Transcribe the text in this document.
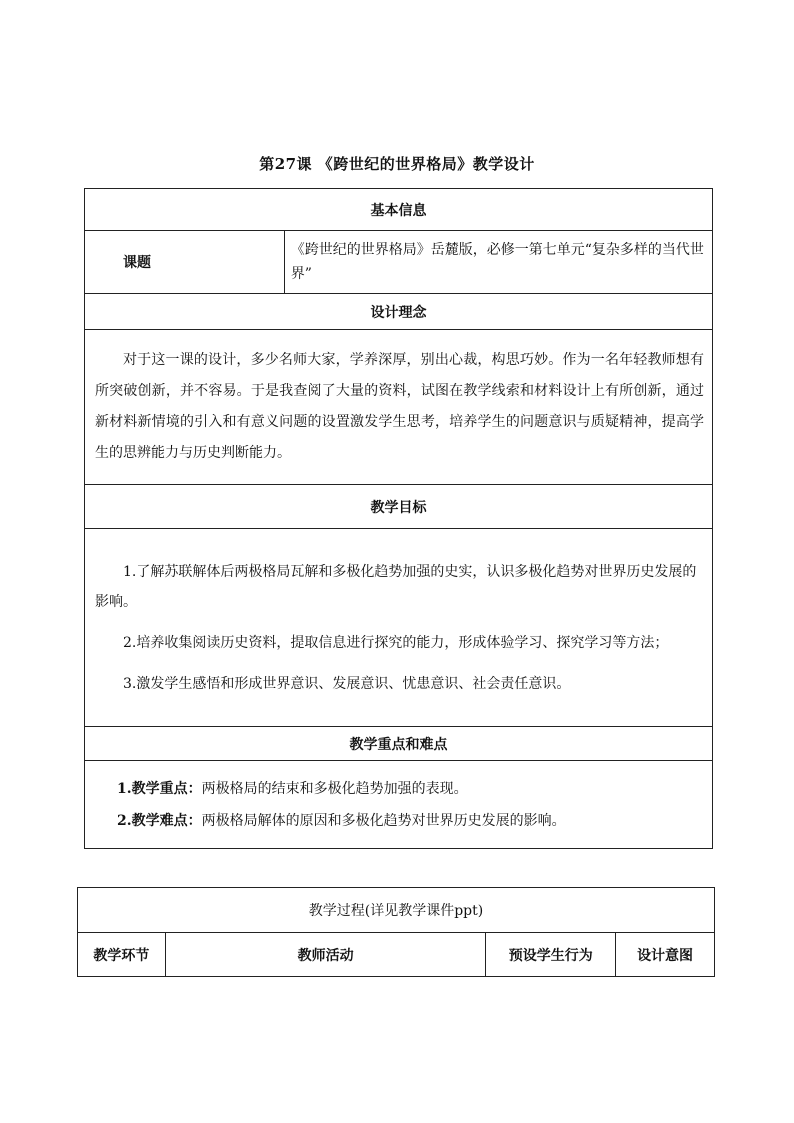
第27课 《跨世纪的世界格局》教学设计
基本信息
课题	《跨世纪的世界格局》岳麓版，必修一第七单元“复杂多样的当代世界”
设计理念

对于这一课的设计，多少名师大家，学养深厚，别出心裁，构思巧妙。作为一名年轻教师想有所突破创新，并不容易。于是我查阅了大量的资料，试图在教学线索和材料设计上有所创新，通过新材料新情境的引入和有意义问题的设置激发学生思考，培养学生的问题意识与质疑精神，提高学生的思辨能力与历史判断能力。

教学目标

1.了解苏联解体后两极格局瓦解和多极化趋势加强的史实，认识多极化趋势对世界历史发展的影响。

2.培养收集阅读历史资料，提取信息进行探究的能力，形成体验学习、探究学习等方法；

3.激发学生感悟和形成世界意识、发展意识、忧患意识、社会责任意识。

教学重点和难点

1.教学重点：两极格局的结束和多极化趋势加强的表现。

2.教学难点：两极格局解体的原因和多极化趋势对世界历史发展的影响。

教学过程(详见教学课件ppt)
教学环节	教师活动	预设学生行为	设计意图
